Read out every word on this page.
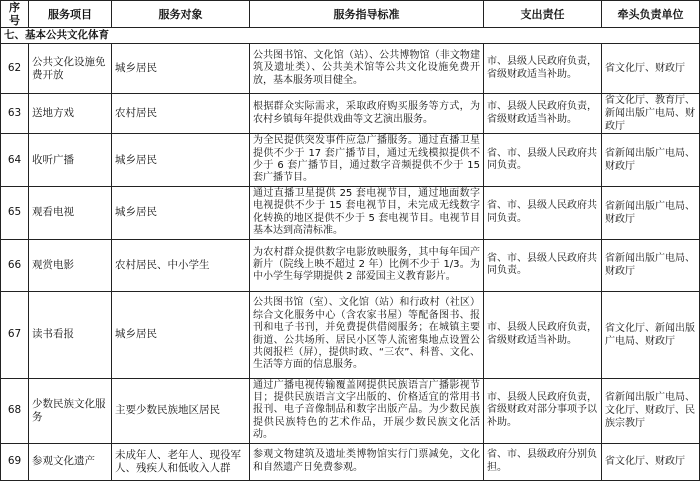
序号	服务项目	服务对象	服务指导标准	支出责任	牵头负责单位
七、基本公共文化体育					
62	公共文化设施免费开放	城乡居民	公共图书馆、文化馆（站）、公共博物馆（非文物建筑及遗址类）、公共美术馆等公共文化设施免费开放，基本服务项目健全。	市、县级人民政府负责，省级财政适当补助。	省文化厅、财政厅
63	送地方戏	农村居民	根据群众实际需求，采取政府购买服务等方式，为农村乡镇每年提供戏曲等文艺演出服务。	市、县级人民政府负责，省级财政适当补助。	省文化厅、教育厅、新闻出版广电局、财政厅
64	收听广播	城乡居民	为全民提供突发事件应急广播服务。通过直播卫星提供不少于 17 套广播节目，通过无线模拟提供不少于 6 套广播节目，通过数字音频提供不少于 15 套广播节目。	省、市、县级人民政府共同负责。	省新闻出版广电局、财政厅
65	观看电视	城乡居民	通过直播卫星提供 25 套电视节目，通过地面数字电视提供不少于 15 套电视节目，未完成无线数字化转换的地区提供不少于 5 套电视节目。电视节目基本达到高清标准。	省、市、县级人民政府共同负责。	省新闻出版广电局、财政厅
66	观赏电影	农村居民、中小学生	为农村群众提供数字电影放映服务，其中每年国产新片（院线上映不超过 2 年）比例不少于 1/3。为中小学生每学期提供 2 部爱国主义教育影片。	省、市、县级人民政府共同负责。	省新闻出版广电局、财政厅
67	读书看报	城乡居民	公共图书馆（室）、文化馆（站）和行政村（社区）综合文化服务中心（含农家书屋）等配备图书、报刊和电子书刊，并免费提供借阅服务；在城镇主要街道、公共场所、居民小区等人流密集地点设置公共阅报栏（屏），提供时政、“三农”、科普、文化、生活等方面的信息服务。	市、县级人民政府负责，省级财政适当补助。	省文化厅、新闻出版广电局、财政厅
68	少数民族文化服务	主要少数民族地区居民	通过广播电视传输覆盖网提供民族语言广播影视节目；提供民族语言文字出版的、价格适宜的常用书报刊、电子音像制品和数字出版产品。为少数民族提供民族特色的艺术作品，开展少数民族文化活动。	市、县级人民政府负责，省级财政对部分事项予以补助。	省新闻出版广电局、文化厅、财政厅、民族宗教厅
69	参观文化遗产	未成年人、老年人、现役军人、残疾人和低收入人群	参观文物建筑及遗址类博物馆实行门票减免，文化和自然遗产日免费参观。	省、市、县级政府分别负担。	省文化厅、财政厅
